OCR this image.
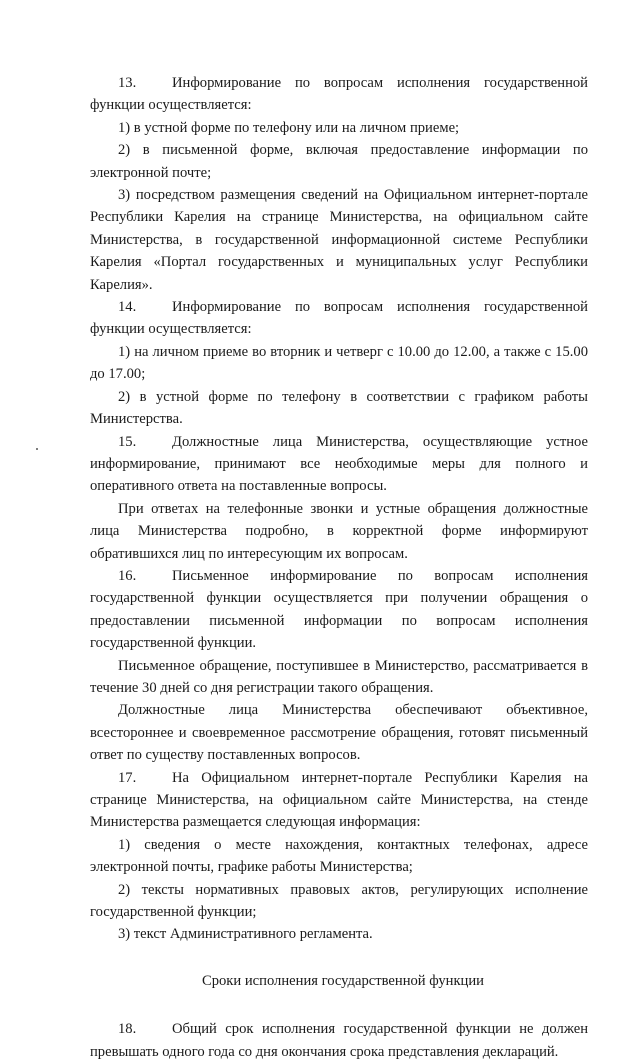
13. Информирование по вопросам исполнения государственной функции осуществляется:

1) в устной форме по телефону или на личном приеме;

2) в письменной форме, включая предоставление информации по электронной почте;

3) посредством размещения сведений на Официальном интернет-портале Республики Карелия на странице Министерства, на официальном сайте Министерства, в государственной информационной системе Республики Карелия «Портал государственных и муниципальных услуг Республики Карелия».

14. Информирование по вопросам исполнения государственной функции осуществляется:

1) на личном приеме во вторник и четверг с 10.00 до 12.00, а также с 15.00 до 17.00;

2) в устной форме по телефону в соответствии с графиком работы Министерства.

15. Должностные лица Министерства, осуществляющие устное информирование, принимают все необходимые меры для полного и оперативного ответа на поставленные вопросы.

При ответах на телефонные звонки и устные обращения должностные лица Министерства подробно, в корректной форме информируют обратившихся лиц по интересующим их вопросам.

16. Письменное информирование по вопросам исполнения государственной функции осуществляется при получении обращения о предоставлении письменной информации по вопросам исполнения государственной функции.

Письменное обращение, поступившее в Министерство, рассматривается в течение 30 дней со дня регистрации такого обращения.

Должностные лица Министерства обеспечивают объективное, всестороннее и своевременное рассмотрение обращения, готовят письменный ответ по существу поставленных вопросов.

17. На Официальном интернет-портале Республики Карелия на странице Министерства, на официальном сайте Министерства, на стенде Министерства размещается следующая информация:

1) сведения о месте нахождения, контактных телефонах, адресе электронной почты, графике работы Министерства;

2) тексты нормативных правовых актов, регулирующих исполнение государственной функции;

3) текст Административного регламента.

Сроки исполнения государственной функции

18. Общий срок исполнения государственной функции не должен превышать одного года со дня окончания срока представления деклараций.
